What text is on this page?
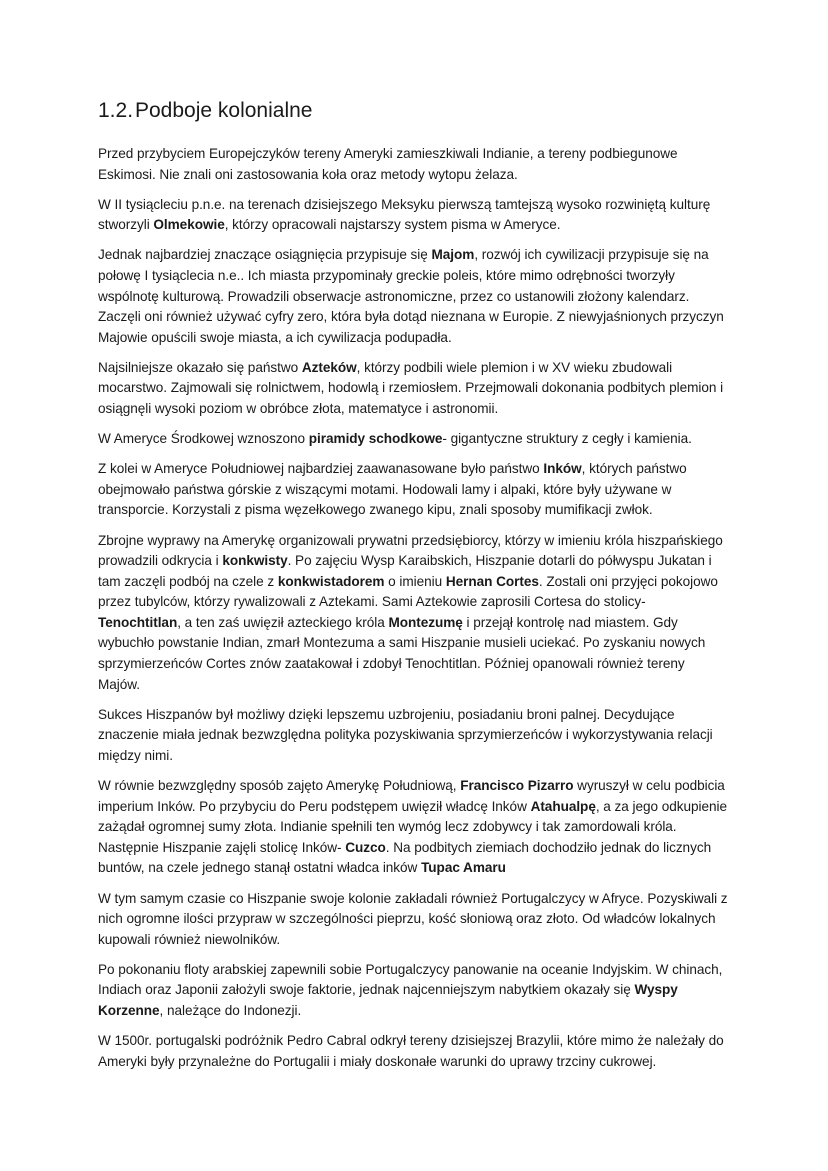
1.2.Podboje kolonialne

Przed przybyciem Europejczyków tereny Ameryki zamieszkiwali Indianie, a tereny podbiegunowe Eskimosi. Nie znali oni zastosowania koła oraz metody wytopu żelaza.

W II tysiącleciu p.n.e. na terenach dzisiejszego Meksyku pierwszą tamtejszą wysoko rozwiniętą kulturę stworzyli Olmekowie, którzy opracowali najstarszy system pisma w Ameryce.

Jednak najbardziej znaczące osiągnięcia przypisuje się Majom, rozwój ich cywilizacji przypisuje się na połowę I tysiąclecia n.e.. Ich miasta przypominały greckie poleis, które mimo odrębności tworzyły wspólnotę kulturową. Prowadzili obserwacje astronomiczne, przez co ustanowili złożony kalendarz. Zaczęli oni również używać cyfry zero, która była dotąd nieznana w Europie. Z niewyjaśnionych przyczyn Majowie opuścili swoje miasta, a ich cywilizacja podupadła.

Najsilniejsze okazało się państwo Azteków, którzy podbili wiele plemion i w XV wieku zbudowali mocarstwo. Zajmowali się rolnictwem, hodowlą i rzemiosłem. Przejmowali dokonania podbitych plemion i osiągnęli wysoki poziom w obróbce złota, matematyce i astronomii.

W Ameryce Środkowej wznoszono piramidy schodkowe- gigantyczne struktury z cegły i kamienia.

Z kolei w Ameryce Południowej najbardziej zaawanasowane było państwo Inków, których państwo obejmowało państwa górskie z wiszącymi motami. Hodowali lamy i alpaki, które były używane w transporcie. Korzystali z pisma węzełkowego zwanego kipu, znali sposoby mumifikacji zwłok.

Zbrojne wyprawy na Amerykę organizowali prywatni przedsiębiorcy, którzy w imieniu króla hiszpańskiego prowadzili odkrycia i konkwisty. Po zajęciu Wysp Karaibskich, Hiszpanie dotarli do półwyspu Jukatan i tam zaczęli podbój na czele z konkwistadorem o imieniu Hernan Cortes. Zostali oni przyjęci pokojowo przez tubylców, którzy rywalizowali z Aztekami. Sami Aztekowie zaprosili Cortesa do stolicy- Tenochtitlan, a ten zaś uwięził azteckiego króla Montezumę i przejął kontrolę nad miastem. Gdy wybuchło powstanie Indian, zmarł Montezuma a sami Hiszpanie musieli uciekać. Po zyskaniu nowych sprzymierzeńców Cortes znów zaatakował i zdobył Tenochtitlan. Później opanowali również tereny Majów.

Sukces Hiszpanów był możliwy dzięki lepszemu uzbrojeniu, posiadaniu broni palnej. Decydujące znaczenie miała jednak bezwzględna polityka pozyskiwania sprzymierzeńców i wykorzystywania relacji między nimi.

W równie bezwzględny sposób zajęto Amerykę Południową, Francisco Pizarro wyruszył w celu podbicia imperium Inków. Po przybyciu do Peru podstępem uwięził władcę Inków Atahualpę, a za jego odkupienie zażądał ogromnej sumy złota. Indianie spełnili ten wymóg lecz zdobywcy i tak zamordowali króla. Następnie Hiszpanie zajęli stolicę Inków- Cuzco. Na podbitych ziemiach dochodziło jednak do licznych buntów, na czele jednego stanął ostatni władca inków Tupac Amaru

W tym samym czasie co Hiszpanie swoje kolonie zakładali również Portugalczycy w Afryce. Pozyskiwali z nich ogromne ilości przypraw w szczególności pieprzu, kość słoniową oraz złoto. Od władców lokalnych kupowali również niewolników.

Po pokonaniu floty arabskiej zapewnili sobie Portugalczycy panowanie na oceanie Indyjskim. W chinach, Indiach oraz Japonii założyli swoje faktorie, jednak najcenniejszym nabytkiem okazały się Wyspy Korzenne, należące do Indonezji.

W 1500r. portugalski podróżnik Pedro Cabral odkrył tereny dzisiejszej Brazylii, które mimo że należały do Ameryki były przynależne do Portugalii i miały doskonałe warunki do uprawy trzciny cukrowej.
